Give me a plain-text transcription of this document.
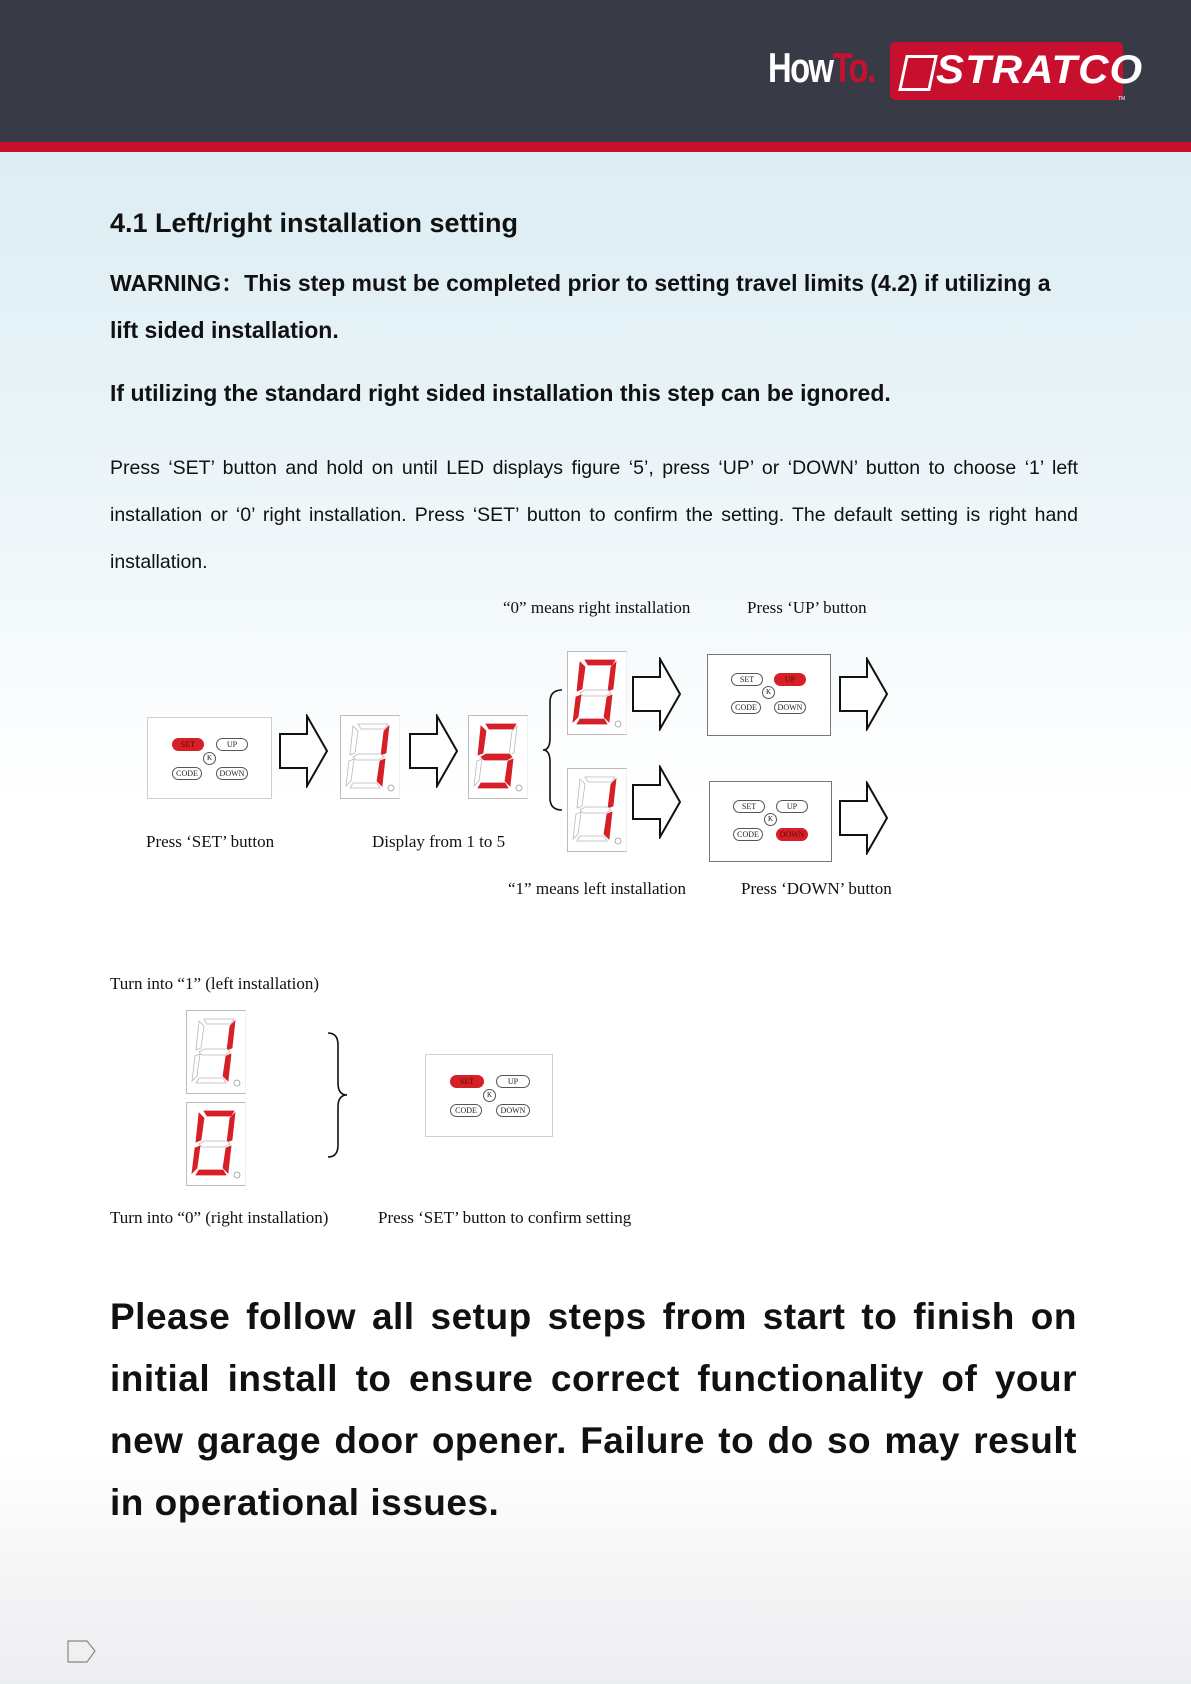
HowTo. STRATCO
TM
4.1 Left/right installation setting
WARNING：This step must be completed prior to setting travel limits (4.2) if utilizing a lift sided installation.
If utilizing the standard right sided installation this step can be ignored.
Press ‘SET’ button and hold on until LED displays figure ‘5’, press ‘UP’ or ‘DOWN’ button to choose ‘1’ left installation or ‘0’ right installation. Press ‘SET’ button to confirm the setting. The default setting is right hand installation.
“0” means right installation	Press ‘UP’ button
Press ‘SET’ button	Display from 1 to 5
“1” means left installation	Press ‘DOWN’ button
SET	UP
K
CODE	DOWN
SET	UP
K
CODE	DOWN
SET	UP
K
CODE	DOWN
Turn into “1” (left installation)
SET	UP
K
CODE	DOWN
Turn into “0” (right installation)	Press ‘SET’ button to confirm setting
Please follow all setup steps from start to finish on initial install to ensure correct functionality of your new garage door opener. Failure to do so may result in operational issues.
